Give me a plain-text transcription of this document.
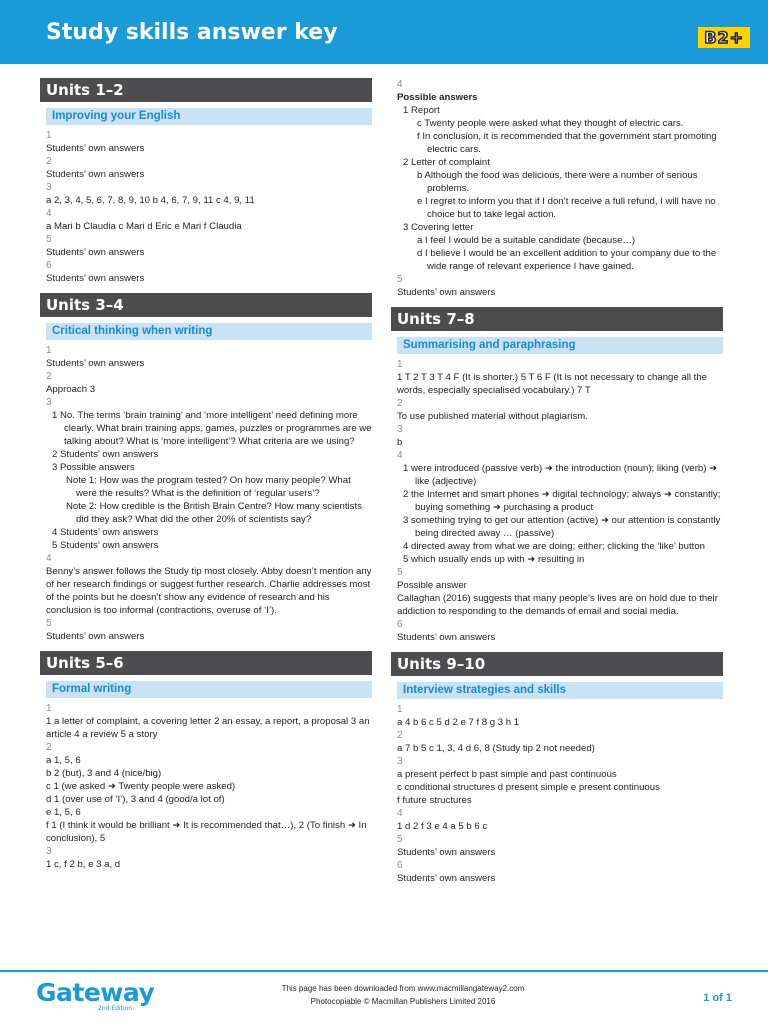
Study skills answer key	B2+
Units 1–2
Improving your English
1
Students’ own answers
2
Students’ own answers
3
a 2, 3, 4, 5, 6, 7, 8, 9, 10 b 4, 6, 7, 9, 11 c 4, 9, 11
4
a Mari b Claudia c Mari d Eric e Mari f Claudia
5
Students’ own answers
6
Students’ own answers
Units 3–4
Critical thinking when writing
1
Students’ own answers
2
Approach 3
3
1 No. The terms ‘brain training’ and ‘more intelligent’ need defining more clearly. What brain training apps, games, puzzles or programmes are we talking about? What is ‘more intelligent’? What criteria are we using?
2 Students’ own answers
3 Possible answers
Note 1: How was the program tested? On how many people? What were the results? What is the definition of ‘regular users’?
Note 2: How credible is the British Brain Centre? How many scientists did they ask? What did the other 20% of scientists say?
4 Students’ own answers
5 Students’ own answers
4
Benny’s answer follows the Study tip most closely. Abby doesn’t mention any of her research findings or suggest further research. Charlie addresses most of the points but he doesn’t show any evidence of research and his conclusion is too informal (contractions, overuse of ‘I’).
5
Students’ own answers
Units 5–6
Formal writing
1
1 a letter of complaint, a covering letter 2 an essay, a report, a proposal 3 an article 4 a review 5 a story
2
a 1, 5, 6
b 2 (but), 3 and 4 (nice/big)
c 1 (we asked ➜ Twenty people were asked)
d 1 (over use of ‘I’), 3 and 4 (good/a lot of)
e 1, 5, 6
f 1 (I think it would be brilliant ➜ It is recommended that…), 2 (To finish ➜ In conclusion), 5
3
1 c, f 2 b, e 3 a, d
4
Possible answers
1 Report
c Twenty people were asked what they thought of electric cars.
f In conclusion, it is recommended that the government start promoting electric cars.
2 Letter of complaint
b Although the food was delicious, there were a number of serious problems.
e I regret to inform you that if I don’t receive a full refund, I will have no choice but to take legal action.
3 Covering letter
a I feel I would be a suitable candidate (because…)
d I believe I would be an excellent addition to your company due to the wide range of relevant experience I have gained.
5
Students’ own answers
Units 7–8
Summarising and paraphrasing
1
1 T 2 T 3 T 4 F (It is shorter.) 5 T 6 F (It is not necessary to change all the words, especially specialised vocabulary.) 7 T
2
To use published material without plagiarism.
3
b
4
1 were introduced (passive verb) ➜ the introduction (noun); liking (verb) ➜ like (adjective)
2 the Internet and smart phones ➜ digital technology; always ➜ constantly; buying something ➜ purchasing a product
3 something trying to get our attention (active) ➜ our attention is constantly being directed away … (passive)
4 directed away from what we are doing; either; clicking the ‘like’ button
5 which usually ends up with ➜ resulting in
5
Possible answer
Callaghan (2016) suggests that many people’s lives are on hold due to their addiction to responding to the demands of email and social media.
6
Students’ own answers
Units 9–10
Interview strategies and skills
1
a 4 b 6 c 5 d 2 e 7 f 8 g 3 h 1
2
a 7 b 5 c 1, 3, 4 d 6, 8 (Study tip 2 not needed)
3
a present perfect b past simple and past continuous
c conditional structures d present simple e present continuous
f future structures
4
1 d 2 f 3 e 4 a 5 b 6 c
5
Students’ own answers
6
Students’ own answers
Gateway
2nd Edition
This page has been downloaded from www.macmillangateway2.com
Photocopiable © Macmillan Publishers Limited 2016	1 of 1
